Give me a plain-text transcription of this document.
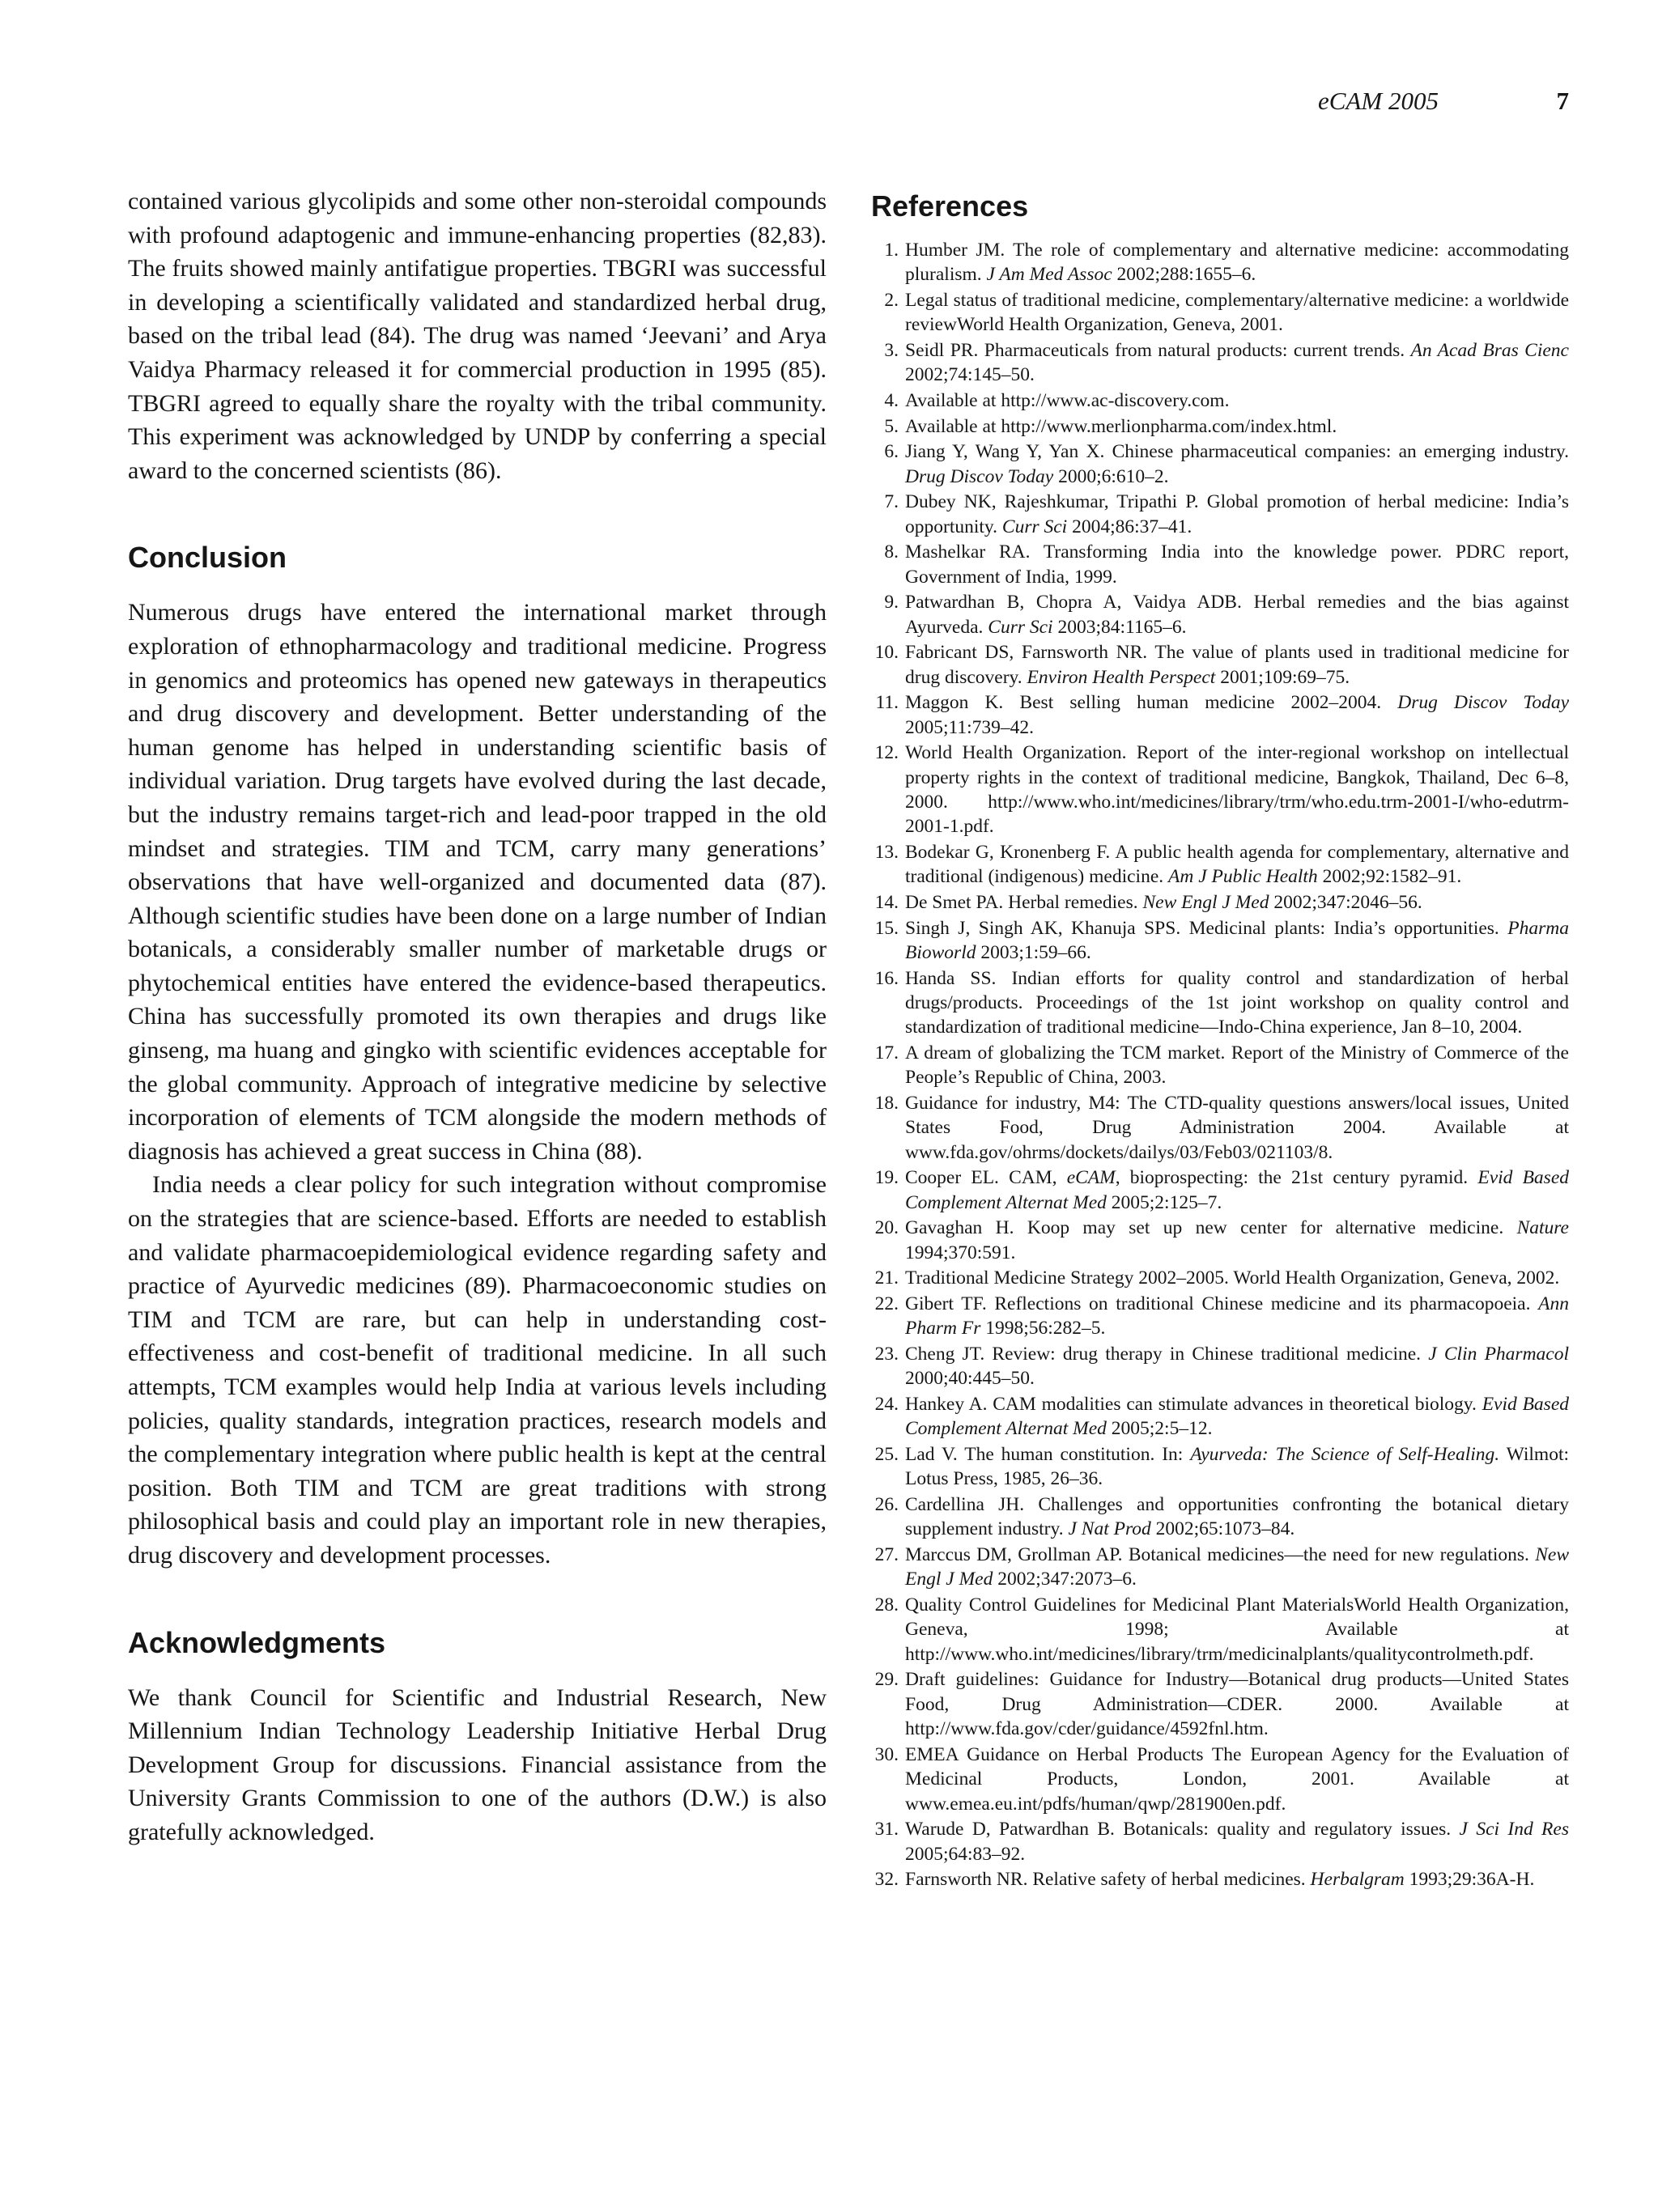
eCAM 2005	7

contained various glycolipids and some other non-steroidal compounds with profound adaptogenic and immune-enhancing properties (82,83). The fruits showed mainly antifatigue properties. TBGRI was successful in developing a scientifically validated and standardized herbal drug, based on the tribal lead (84). The drug was named ‘Jeevani’ and Arya Vaidya Pharmacy released it for commercial production in 1995 (85). TBGRI agreed to equally share the royalty with the tribal community. This experiment was acknowledged by UNDP by conferring a special award to the concerned scientists (86).

Conclusion

Numerous drugs have entered the international market through exploration of ethnopharmacology and traditional medicine. Progress in genomics and proteomics has opened new gateways in therapeutics and drug discovery and development. Better understanding of the human genome has helped in understanding scientific basis of individual variation. Drug targets have evolved during the last decade, but the industry remains target-rich and lead-poor trapped in the old mindset and strategies. TIM and TCM, carry many generations’ observations that have well-organized and documented data (87). Although scientific studies have been done on a large number of Indian botanicals, a considerably smaller number of marketable drugs or phytochemical entities have entered the evidence-based therapeutics. China has successfully promoted its own therapies and drugs like ginseng, ma huang and gingko with scientific evidences acceptable for the global community. Approach of integrative medicine by selective incorporation of elements of TCM alongside the modern methods of diagnosis has achieved a great success in China (88).

India needs a clear policy for such integration without compromise on the strategies that are science-based. Efforts are needed to establish and validate pharmacoepidemiological evidence regarding safety and practice of Ayurvedic medicines (89). Pharmacoeconomic studies on TIM and TCM are rare, but can help in understanding cost-effectiveness and cost-benefit of traditional medicine. In all such attempts, TCM examples would help India at various levels including policies, quality standards, integration practices, research models and the complementary integration where public health is kept at the central position. Both TIM and TCM are great traditions with strong philosophical basis and could play an important role in new therapies, drug discovery and development processes.

Acknowledgments

We thank Council for Scientific and Industrial Research, New Millennium Indian Technology Leadership Initiative Herbal Drug Development Group for discussions. Financial assistance from the University Grants Commission to one of the authors (D.W.) is also gratefully acknowledged.

References
1. Humber JM. The role of complementary and alternative medicine: accommodating pluralism. J Am Med Assoc 2002;288:1655–6.
2. Legal status of traditional medicine, complementary/alternative medicine: a worldwide reviewWorld Health Organization, Geneva, 2001.
3. Seidl PR. Pharmaceuticals from natural products: current trends. An Acad Bras Cienc 2002;74:145–50.
4. Available at http://www.ac-discovery.com.
5. Available at http://www.merlionpharma.com/index.html.
6. Jiang Y, Wang Y, Yan X. Chinese pharmaceutical companies: an emerging industry. Drug Discov Today 2000;6:610–2.
7. Dubey NK, Rajeshkumar, Tripathi P. Global promotion of herbal medicine: India’s opportunity. Curr Sci 2004;86:37–41.
8. Mashelkar RA. Transforming India into the knowledge power. PDRC report, Government of India, 1999.
9. Patwardhan B, Chopra A, Vaidya ADB. Herbal remedies and the bias against Ayurveda. Curr Sci 2003;84:1165–6.
10. Fabricant DS, Farnsworth NR. The value of plants used in traditional medicine for drug discovery. Environ Health Perspect 2001;109:69–75.
11. Maggon K. Best selling human medicine 2002–2004. Drug Discov Today 2005;11:739–42.
12. World Health Organization. Report of the inter-regional workshop on intellectual property rights in the context of traditional medicine, Bangkok, Thailand, Dec 6–8, 2000. http://www.who.int/medicines/library/trm/who.edu.trm-2001-I/who-edutrm-2001-1.pdf.
13. Bodekar G, Kronenberg F. A public health agenda for complementary, alternative and traditional (indigenous) medicine. Am J Public Health 2002;92:1582–91.
14. De Smet PA. Herbal remedies. New Engl J Med 2002;347:2046–56.
15. Singh J, Singh AK, Khanuja SPS. Medicinal plants: India’s opportunities. Pharma Bioworld 2003;1:59–66.
16. Handa SS. Indian efforts for quality control and standardization of herbal drugs/products. Proceedings of the 1st joint workshop on quality control and standardization of traditional medicine—Indo-China experience, Jan 8–10, 2004.
17. A dream of globalizing the TCM market. Report of the Ministry of Commerce of the People’s Republic of China, 2003.
18. Guidance for industry, M4: The CTD-quality questions answers/local issues, United States Food, Drug Administration 2004. Available at www.fda.gov/ohrms/dockets/dailys/03/Feb03/021103/8.
19. Cooper EL. CAM, eCAM, bioprospecting: the 21st century pyramid. Evid Based Complement Alternat Med 2005;2:125–7.
20. Gavaghan H. Koop may set up new center for alternative medicine. Nature 1994;370:591.
21. Traditional Medicine Strategy 2002–2005. World Health Organization, Geneva, 2002.
22. Gibert TF. Reflections on traditional Chinese medicine and its pharmacopoeia. Ann Pharm Fr 1998;56:282–5.
23. Cheng JT. Review: drug therapy in Chinese traditional medicine. J Clin Pharmacol 2000;40:445–50.
24. Hankey A. CAM modalities can stimulate advances in theoretical biology. Evid Based Complement Alternat Med 2005;2:5–12.
25. Lad V. The human constitution. In: Ayurveda: The Science of Self-Healing. Wilmot: Lotus Press, 1985, 26–36.
26. Cardellina JH. Challenges and opportunities confronting the botanical dietary supplement industry. J Nat Prod 2002;65:1073–84.
27. Marccus DM, Grollman AP. Botanical medicines—the need for new regulations. New Engl J Med 2002;347:2073–6.
28. Quality Control Guidelines for Medicinal Plant MaterialsWorld Health Organization, Geneva, 1998; Available at http://www.who.int/medicines/library/trm/medicinalplants/qualitycontrolmeth.pdf.
29. Draft guidelines: Guidance for Industry—Botanical drug products—United States Food, Drug Administration—CDER. 2000. Available at http://www.fda.gov/cder/guidance/4592fnl.htm.
30. EMEA Guidance on Herbal Products The European Agency for the Evaluation of Medicinal Products, London, 2001. Available at www.emea.eu.int/pdfs/human/qwp/281900en.pdf.
31. Warude D, Patwardhan B. Botanicals: quality and regulatory issues. J Sci Ind Res 2005;64:83–92.
32. Farnsworth NR. Relative safety of herbal medicines. Herbalgram 1993;29:36A-H.
